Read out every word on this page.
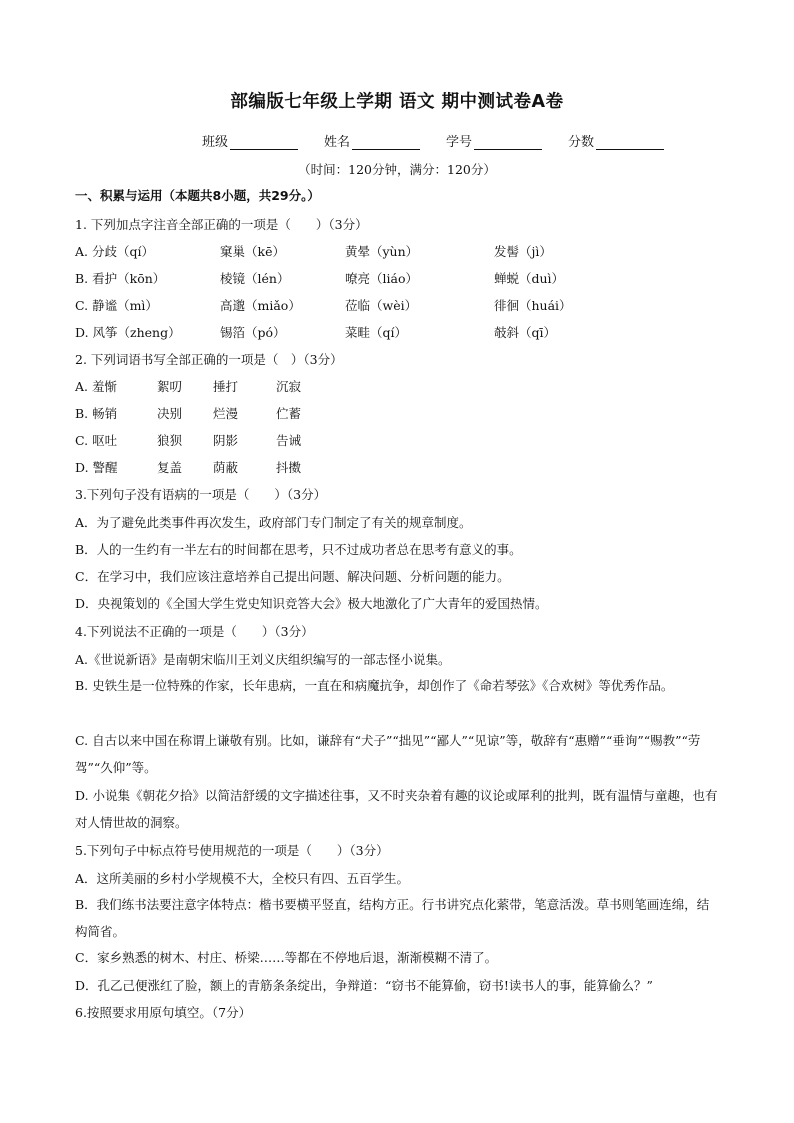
部编版七年级上学期 语文 期中测试卷A卷
班级	姓名	学号	分数
（时间：120分钟，满分：120分）
一、积累与运用（本题共8小题，共29分。）
1. 下列加点字注音全部正确的一项是（　　）（3分）
A. 分歧（qí）	窠巢（kē）	黄晕（yùn）	发髻（jì）
B. 看护（kōn）	棱镜（lén）	嘹亮（liáo）	蝉蜕（duì）
C. 静谧（mì）	高邈（miǎo）	莅临（wèi）	徘徊（huái）
D. 风筝（zheng）	锡箔（pó）	菜畦（qí）	攲斜（qī）
2. 下列词语书写全部正确的一项是（　）（3分）
A. 羞惭	絮叨	捶打	沉寂
B. 畅销	决别	烂漫	伫蓄
C. 呕吐	狼狈	阴影	告诫
D. 警醒	复盖	荫蔽	抖擞
3.下列句子没有语病的一项是（　　）（3分）
A．为了避免此类事件再次发生，政府部门专门制定了有关的规章制度。
B．人的一生约有一半左右的时间都在思考，只不过成功者总在思考有意义的事。
C．在学习中，我们应该注意培养自己提出问题、解决问题、分析问题的能力。
D．央视策划的《全国大学生党史知识竞答大会》极大地激化了广大青年的爱国热情。
4.下列说法不正确的一项是（　　）（3分）
A.《世说新语》是南朝宋临川王刘义庆组织编写的一部志怪小说集。
B. 史铁生是一位特殊的作家，长年患病，一直在和病魔抗争，却创作了《命若琴弦》《合欢树》等优秀作品。
C. 自古以来中国在称谓上谦敬有别。比如，谦辞有“犬子”“拙见”“鄙人”“见谅”等，敬辞有“惠赠”“垂询”“赐教”“劳驾”“久仰”等。
D. 小说集《朝花夕拾》以简洁舒缓的文字描述往事，又不时夹杂着有趣的议论或犀利的批判，既有温情与童趣，也有对人情世故的洞察。
5.下列句子中标点符号使用规范的一项是（　　）（3分）
A．这所美丽的乡村小学规模不大，全校只有四、五百学生。
B．我们练书法要注意字体特点：楷书要横平竖直，结构方正。行书讲究点化萦带，笔意活泼。草书则笔画连绵，结构简省。
C．家乡熟悉的树木、村庄、桥梁……等都在不停地后退，渐渐模糊不清了。
D．孔乙己便涨红了脸，额上的青筋条条绽出，争辩道：“窃书不能算偷，窃书!读书人的事，能算偷么？”
6.按照要求用原句填空。（7分）
